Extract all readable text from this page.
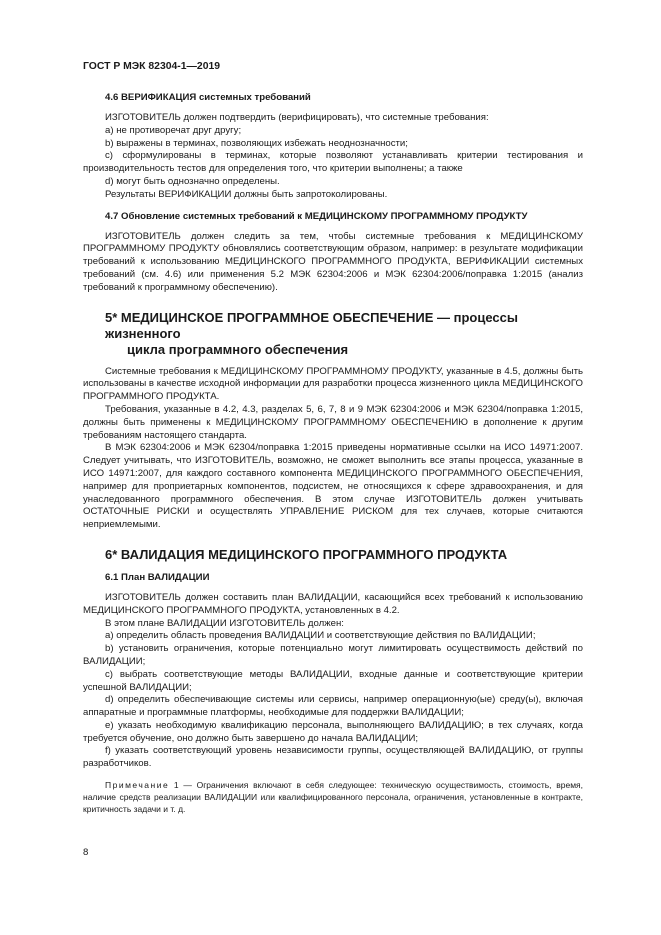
ГОСТ Р МЭК 82304-1—2019
4.6 ВЕРИФИКАЦИЯ системных требований

ИЗГОТОВИТЕЛЬ должен подтвердить (верифицировать), что системные требования:

a) не противоречат друг другу;

b) выражены в терминах, позволяющих избежать неоднозначности;

c) сформулированы в терминах, которые позволяют устанавливать критерии тестирования и производительность тестов для определения того, что критерии выполнены; а также

d) могут быть однозначно определены.

Результаты ВЕРИФИКАЦИИ должны быть запротоколированы.

4.7 Обновление системных требований к МЕДИЦИНСКОМУ ПРОГРАММНОМУ ПРОДУКТУ

ИЗГОТОВИТЕЛЬ должен следить за тем, чтобы системные требования к МЕДИЦИНСКОМУ ПРОГРАММНОМУ ПРОДУКТУ обновлялись соответствующим образом, например: в результате модификации требований к использованию МЕДИЦИНСКОГО ПРОГРАММНОГО ПРОДУКТА, ВЕРИФИКАЦИИ системных требований (см. 4.6) или применения 5.2 МЭК 62304:2006 и МЭК 62304:2006/поправка 1:2015 (анализ требований к программному обеспечению).

5* МЕДИЦИНСКОЕ ПРОГРАММНОЕ ОБЕСПЕЧЕНИЕ — процессы жизненного
цикла программного обеспечения

Системные требования к МЕДИЦИНСКОМУ ПРОГРАММНОМУ ПРОДУКТУ, указанные в 4.5, должны быть использованы в качестве исходной информации для разработки процесса жизненного цикла МЕДИЦИНСКОГО ПРОГРАММНОГО ПРОДУКТА.

Требования, указанные в 4.2, 4.3, разделах 5, 6, 7, 8 и 9 МЭК 62304:2006 и МЭК 62304/поправка 1:2015, должны быть применены к МЕДИЦИНСКОМУ ПРОГРАММНОМУ ОБЕСПЕЧЕНИЮ в дополнение к другим требованиям настоящего стандарта.

В МЭК 62304:2006 и МЭК 62304/поправка 1:2015 приведены нормативные ссылки на ИСО 14971:2007. Следует учитывать, что ИЗГОТОВИТЕЛЬ, возможно, не сможет выполнить все этапы процесса, указанные в ИСО 14971:2007, для каждого составного компонента МЕДИЦИНСКОГО ПРОГРАММНОГО ОБЕСПЕЧЕНИЯ, например для проприетарных компонентов, подсистем, не относящихся к сфере здравоохранения, и для унаследованного программного обеспечения. В этом случае ИЗГОТОВИТЕЛЬ должен учитывать ОСТАТОЧНЫЕ РИСКИ и осуществлять УПРАВЛЕНИЕ РИСКОМ для тех случаев, которые считаются неприемлемыми.

6* ВАЛИДАЦИЯ МЕДИЦИНСКОГО ПРОГРАММНОГО ПРОДУКТА
6.1 План ВАЛИДАЦИИ

ИЗГОТОВИТЕЛЬ должен составить план ВАЛИДАЦИИ, касающийся всех требований к использованию МЕДИЦИНСКОГО ПРОГРАММНОГО ПРОДУКТА, установленных в 4.2.

В этом плане ВАЛИДАЦИИ ИЗГОТОВИТЕЛЬ должен:

a) определить область проведения ВАЛИДАЦИИ и соответствующие действия по ВАЛИДАЦИИ;

b) установить ограничения, которые потенциально могут лимитировать осуществимость действий по ВАЛИДАЦИИ;

c) выбрать соответствующие методы ВАЛИДАЦИИ, входные данные и соответствующие критерии успешной ВАЛИДАЦИИ;

d) определить обеспечивающие системы или сервисы, например операционную(ые) среду(ы), включая аппаратные и программные платформы, необходимые для поддержки ВАЛИДАЦИИ;

e) указать необходимую квалификацию персонала, выполняющего ВАЛИДАЦИЮ; в тех случаях, когда требуется обучение, оно должно быть завершено до начала ВАЛИДАЦИИ;

f) указать соответствующий уровень независимости группы, осуществляющей ВАЛИДАЦИЮ, от группы разработчиков.

Примечание 1 — Ограничения включают в себя следующее: техническую осуществимость, стоимость, время, наличие средств реализации ВАЛИДАЦИИ или квалифицированного персонала, ограничения, установленные в контракте, критичность задачи и т. д.

8
